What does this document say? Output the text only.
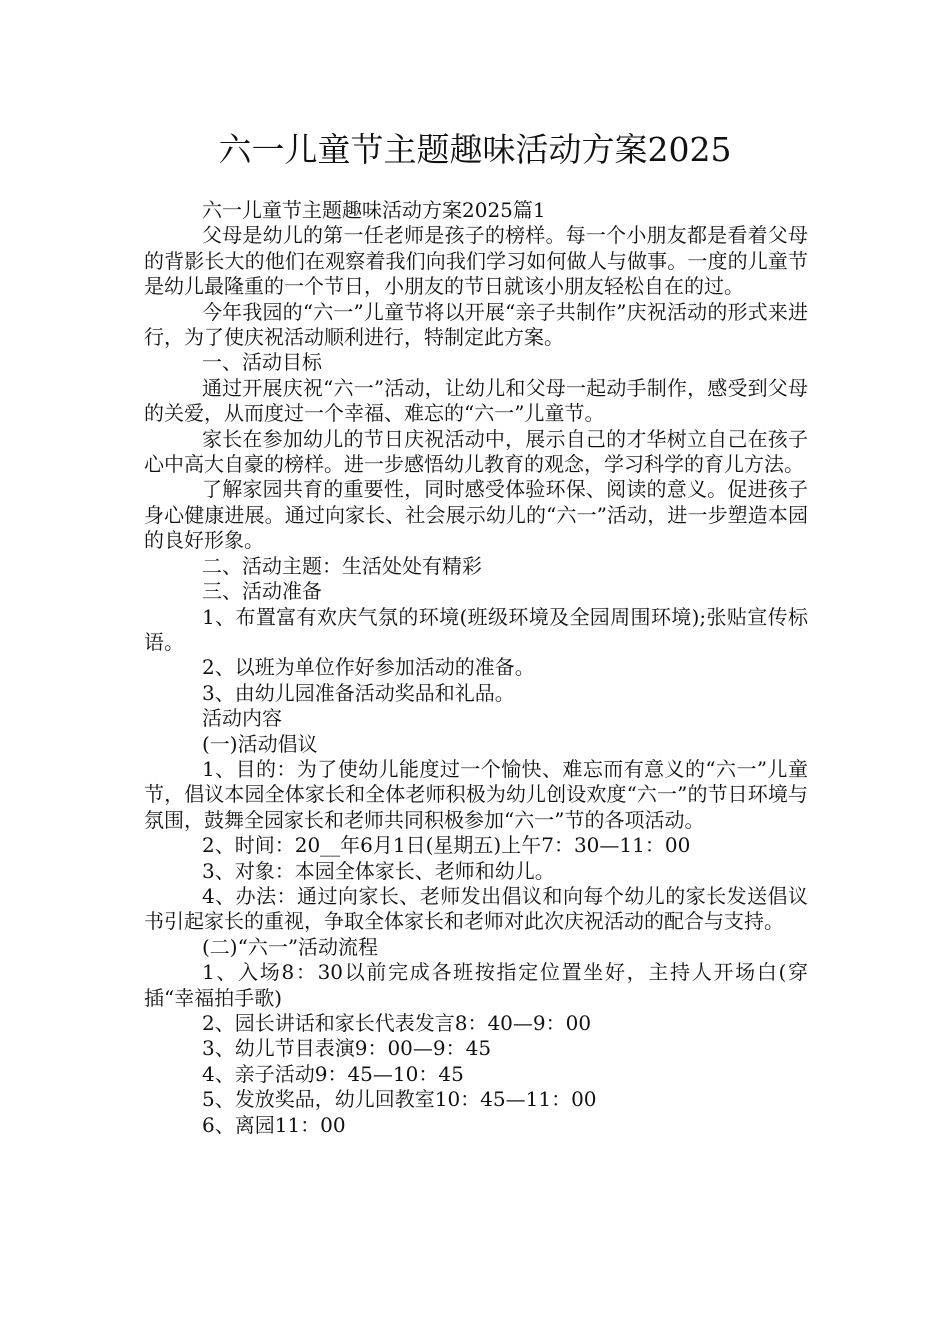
六一儿童节主题趣味活动方案2025

六一儿童节主题趣味活动方案2025篇1

父母是幼儿的第一任老师是孩子的榜样。每一个小朋友都是看着父母的背影长大的他们在观察着我们向我们学习如何做人与做事。一度的儿童节是幼儿最隆重的一个节日，小朋友的节日就该小朋友轻松自在的过。

今年我园的“六一”儿童节将以开展“亲子共制作”庆祝活动的形式来进行，为了使庆祝活动顺利进行，特制定此方案。

一、活动目标

通过开展庆祝“六一”活动，让幼儿和父母一起动手制作，感受到父母的关爱，从而度过一个幸福、难忘的“六一”儿童节。

家长在参加幼儿的节日庆祝活动中，展示自己的才华树立自己在孩子心中高大自豪的榜样。进一步感悟幼儿教育的观念，学习科学的育儿方法。

了解家园共育的重要性，同时感受体验环保、阅读的意义。促进孩子身心健康进展。通过向家长、社会展示幼儿的“六一”活动，进一步塑造本园的良好形象。

二、活动主题：生活处处有精彩

三、活动准备

1、布置富有欢庆气氛的环境(班级环境及全园周围环境);张贴宣传标语。

2、以班为单位作好参加活动的准备。

3、由幼儿园准备活动奖品和礼品。

活动内容

(一)活动倡议

1、目的：为了使幼儿能度过一个愉快、难忘而有意义的“六一”儿童节，倡议本园全体家长和全体老师积极为幼儿创设欢度“六一”的节日环境与氛围，鼓舞全园家长和老师共同积极参加“六一”节的各项活动。

2、时间：20__年6月1日(星期五)上午7：30—11：00

3、对象：本园全体家长、老师和幼儿。

4、办法：通过向家长、老师发出倡议和向每个幼儿的家长发送倡议书引起家长的重视，争取全体家长和老师对此次庆祝活动的配合与支持。

(二)“六一”活动流程

1、入场8：30以前完成各班按指定位置坐好，主持人开场白(穿插“幸福拍手歌)

2、园长讲话和家长代表发言8：40—9：00

3、幼儿节目表演9：00—9：45

4、亲子活动9：45—10：45

5、发放奖品，幼儿回教室10：45—11：00

6、离园11：00
